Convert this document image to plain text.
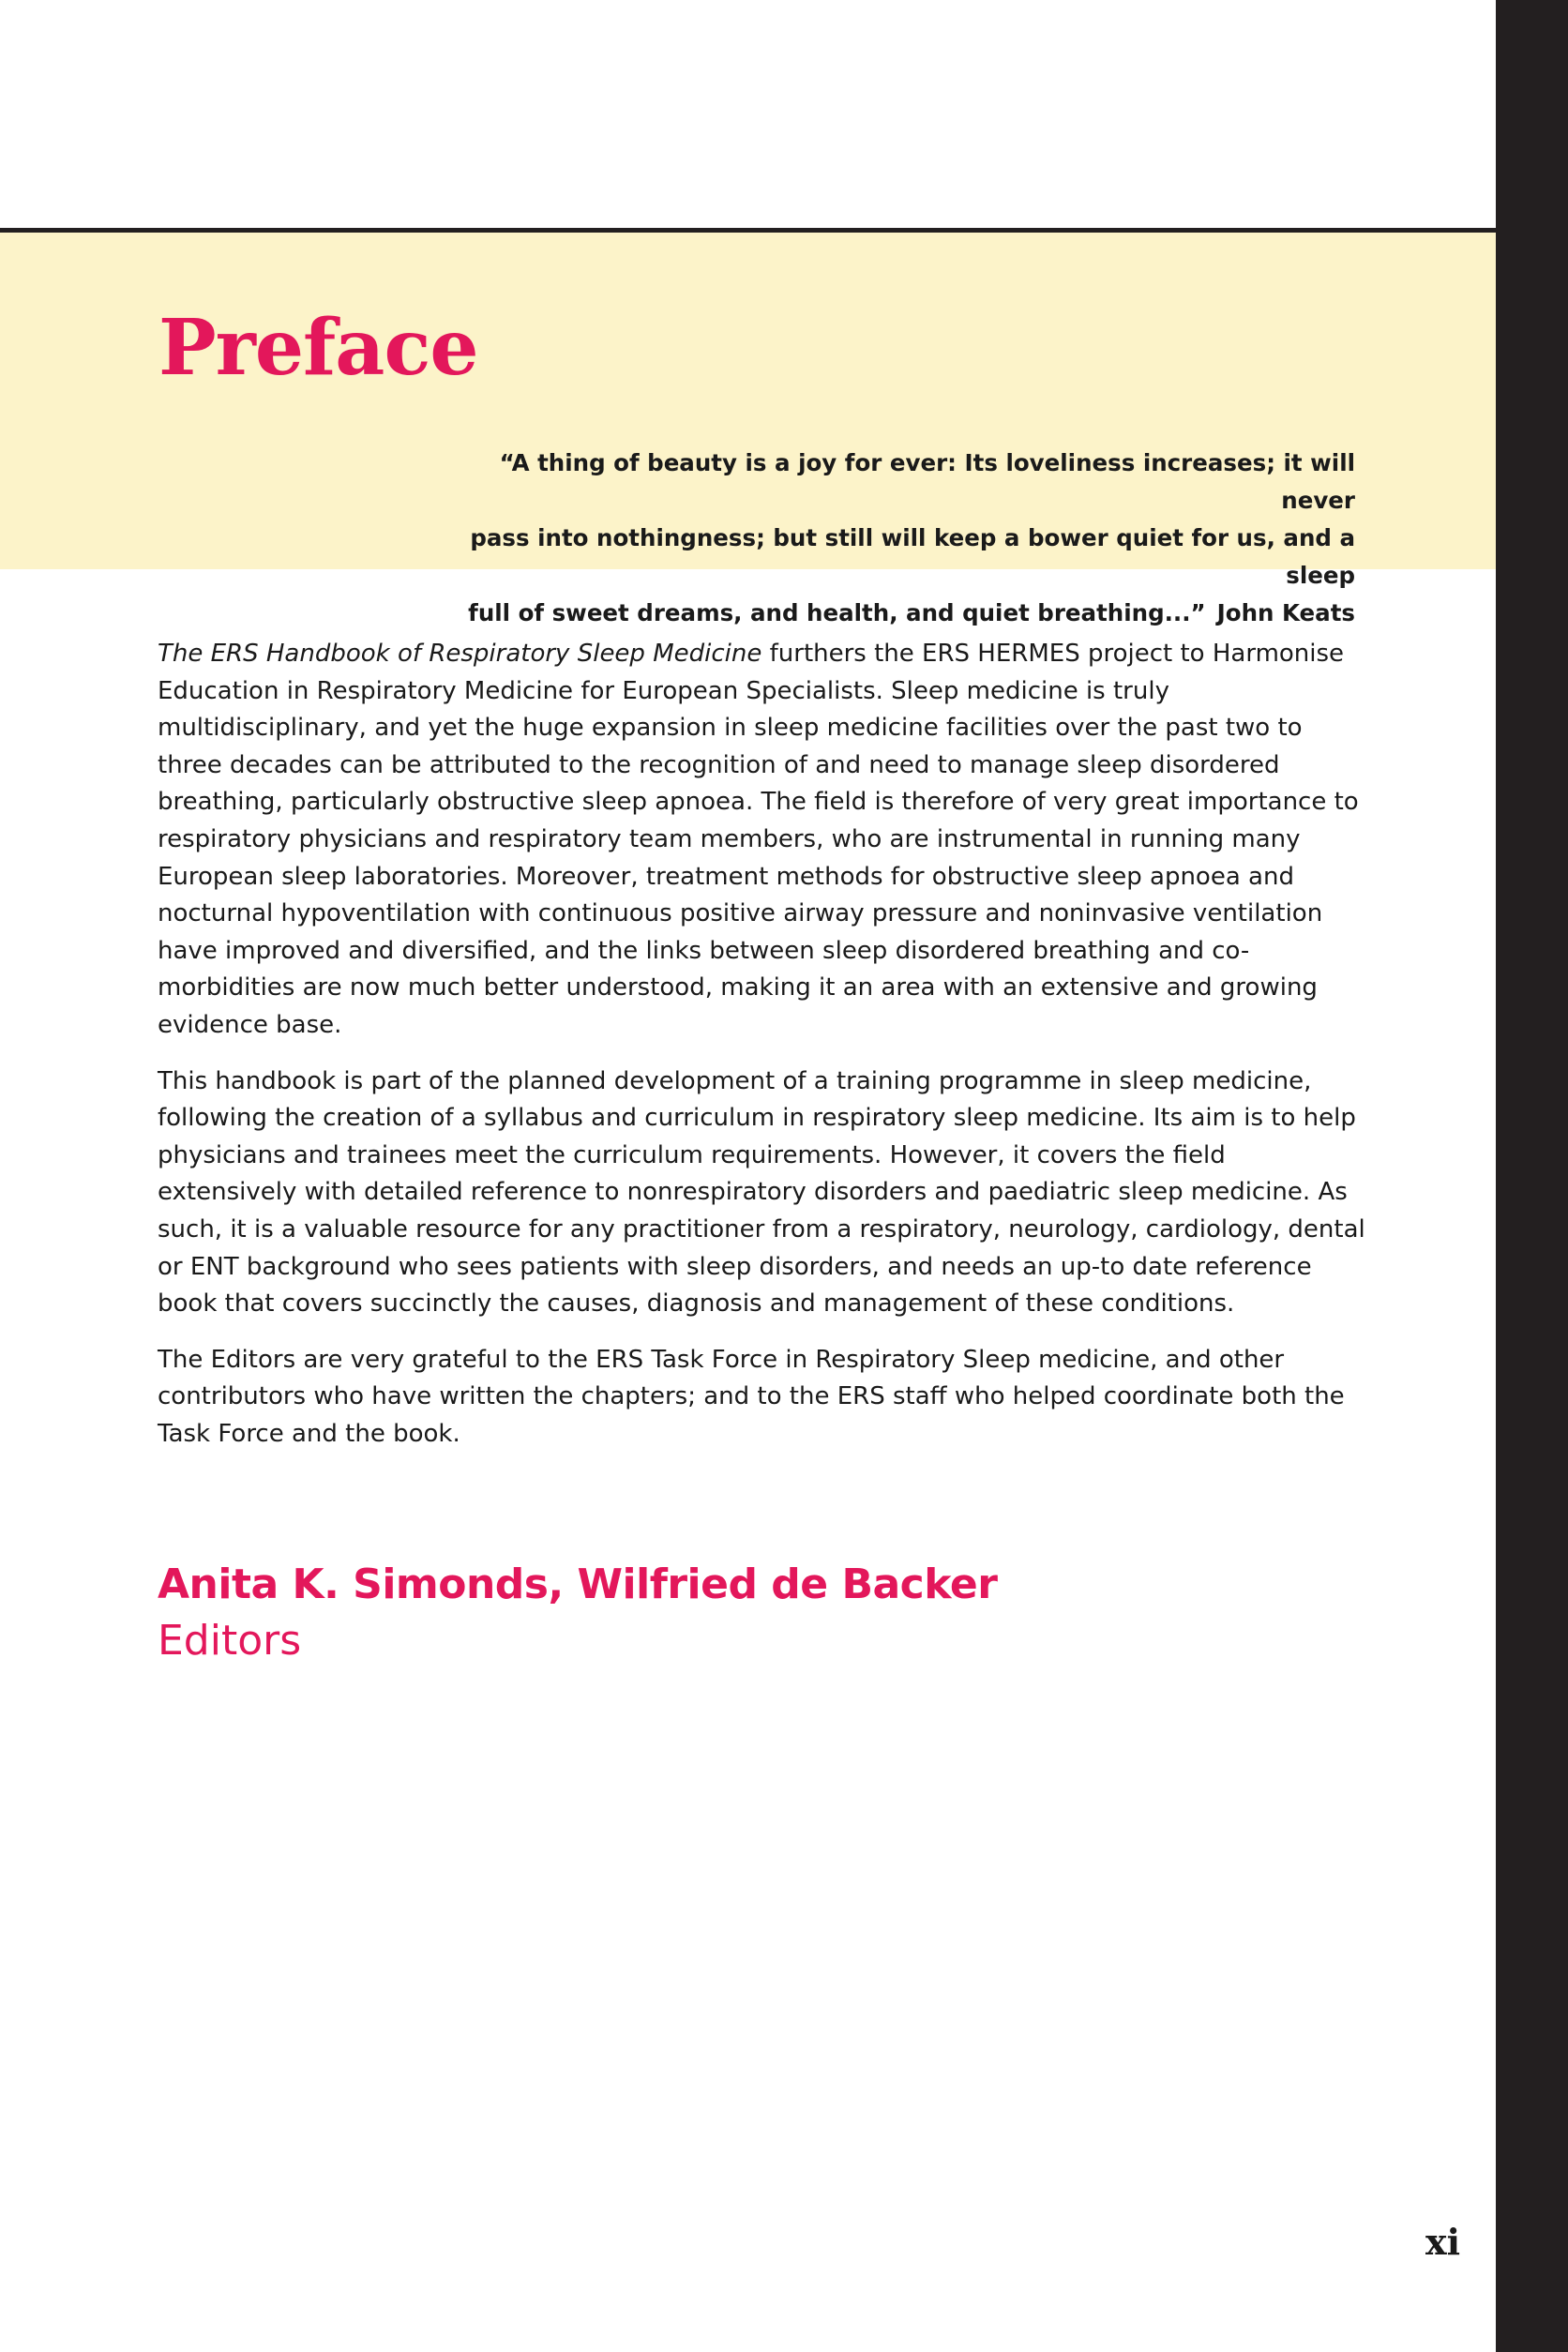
Preface
“A thing of beauty is a joy for ever: Its loveliness increases; it will never
pass into nothingness; but still will keep a bower quiet for us, and a sleep
full of sweet dreams, and health, and quiet breathing...” John Keats

The ERS Handbook of Respiratory Sleep Medicine furthers the ERS HERMES project to Harmonise Education in Respiratory Medicine for European Specialists. Sleep medicine is truly multidisciplinary, and yet the huge expansion in sleep medicine facilities over the past two to three decades can be attributed to the recognition of and need to manage sleep disordered breathing, particularly obstructive sleep apnoea. The field is therefore of very great importance to respiratory physicians and respiratory team members, who are instrumental in running many European sleep laboratories. Moreover, treatment methods for obstructive sleep apnoea and nocturnal hypoventilation with continuous positive airway pressure and noninvasive ventilation have improved and diversified, and the links between sleep disordered breathing and co-morbidities are now much better understood, making it an area with an extensive and growing evidence base.

This handbook is part of the planned development of a training programme in sleep medicine, following the creation of a syllabus and curriculum in respiratory sleep medicine. Its aim is to help physicians and trainees meet the curriculum requirements. However, it covers the field extensively with detailed reference to nonrespiratory disorders and paediatric sleep medicine. As such, it is a valuable resource for any practitioner from a respiratory, neurology, cardiology, dental or ENT background who sees patients with sleep disorders, and needs an up-to date reference book that covers succinctly the causes, diagnosis and management of these conditions.

The Editors are very grateful to the ERS Task Force in Respiratory Sleep medicine, and other contributors who have written the chapters; and to the ERS staff who helped coordinate both the Task Force and the book.

Anita K. Simonds, Wilfried de Backer
Editors
xi
